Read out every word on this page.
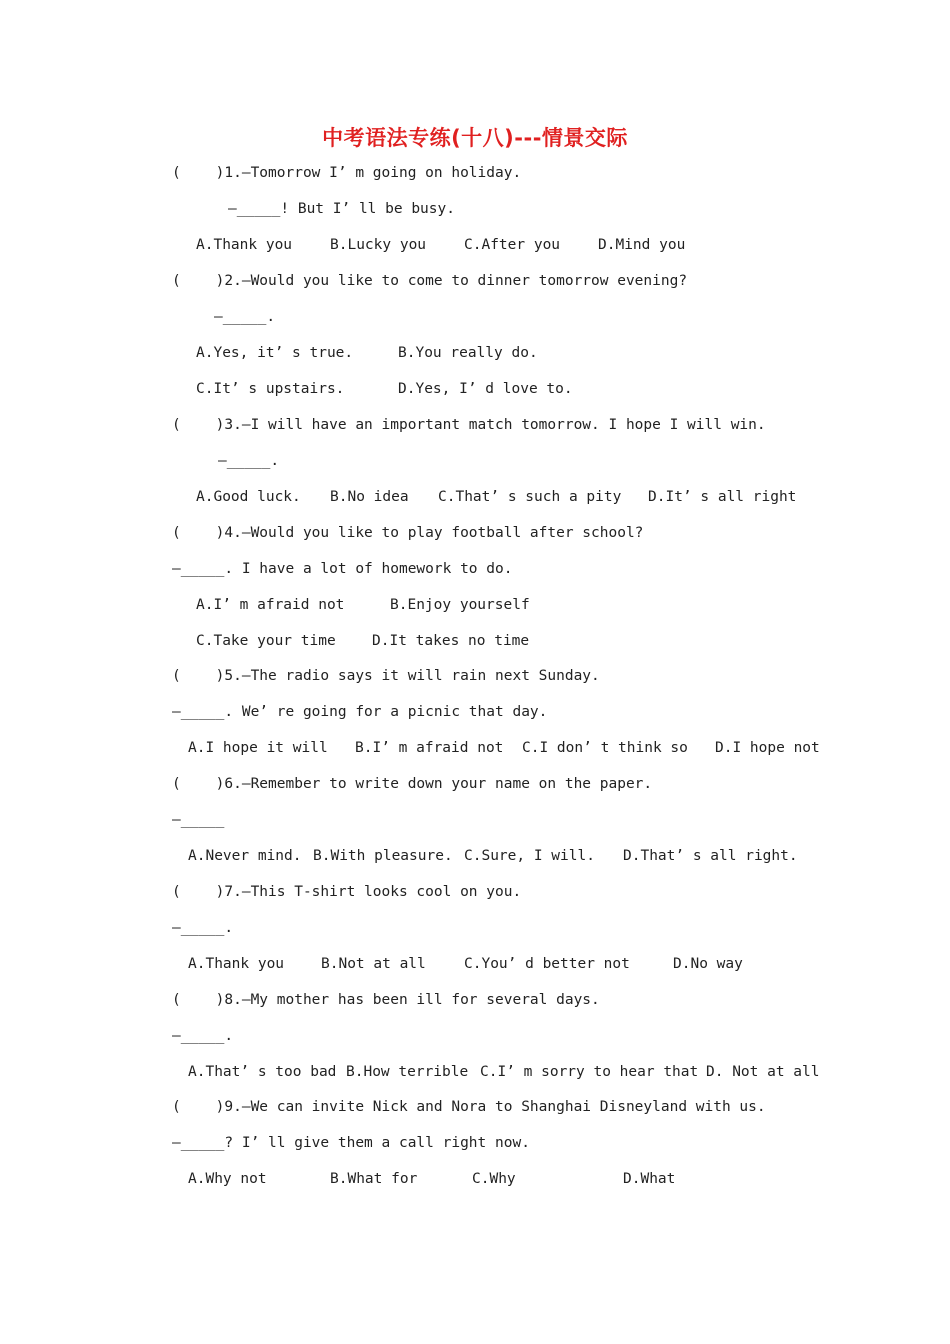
中考语法专练(十八)---情景交际
(    )1.—Tomorrow I’ m going on holiday.
—_____! But I’ ll be busy.
A.Thank you	B.Lucky you	C.After you	D.Mind you
(    )2.—Would you like to come to dinner tomorrow evening?
—_____.
A.Yes, it’ s true.	B.You really do.
C.It’ s upstairs.	D.Yes, I’ d love to.
(    )3.—I will have an important match tomorrow. I hope I will win.
—_____.
A.Good luck. B.No idea C.That’ s such a pity D.It’ s all right
(    )4.—Would you like to play football after school?
—_____. I have a lot of homework to do.
A.I’ m afraid not	B.Enjoy yourself
C.Take your time	D.It takes no time
(    )5.—The radio says it will rain next Sunday.
—_____. We’ re going for a picnic that day.
A.I hope it will B.I’ m afraid not C.I don’ t think so D.I hope not
(    )6.—Remember to write down your name on the paper.
—_____
A.Never mind. B.With pleasure. C.Sure, I will. D.That’ s all right.
(    )7.—This T-shirt looks cool on you.
—_____.
A.Thank you	B.Not at all	C.You’ d better not	D.No way
(    )8.—My mother has been ill for several days.
—_____.
A.That’ s too bad B.How terrible C.I’ m sorry to hear that D. Not at all
(    )9.—We can invite Nick and Nora to Shanghai Disneyland with us.
—_____? I’ ll give them a call right now.
A.Why not	B.What for	C.Why	D.What
